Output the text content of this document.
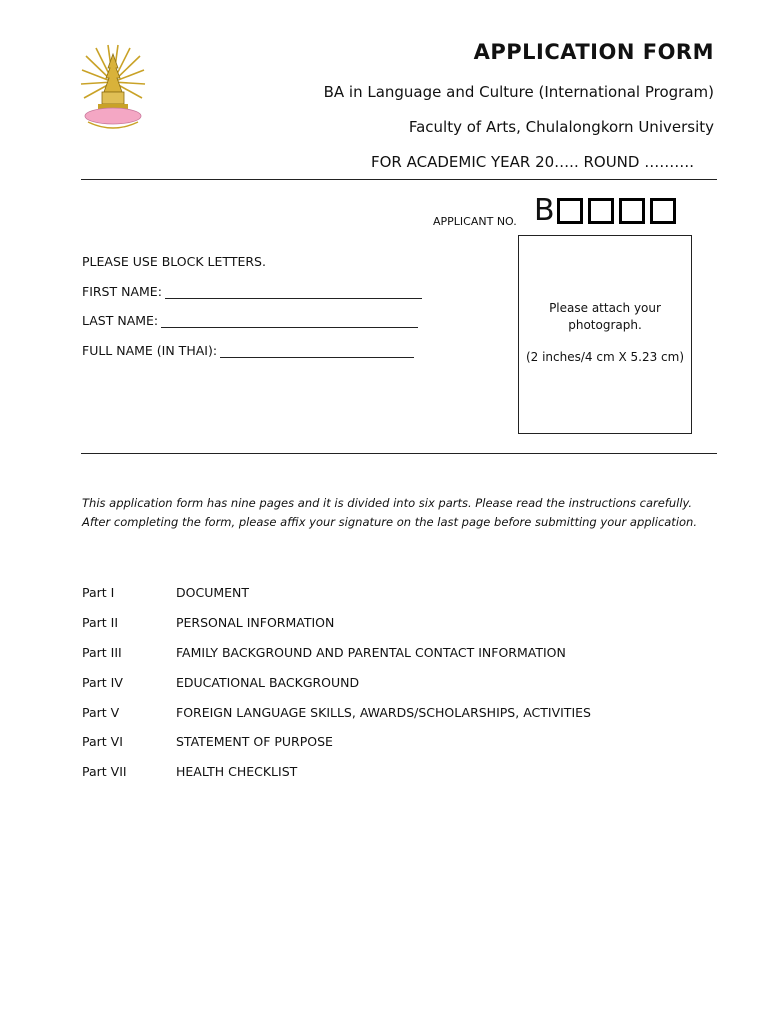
APPLICATION FORM
BA in Language and Culture (International Program)
Faculty of Arts, Chulalongkorn University
FOR ACADEMIC YEAR 20….. ROUND ……….
APPLICANT NO. B
PLEASE USE BLOCK LETTERS.
FIRST NAME:
LAST NAME:
FULL NAME (IN THAI):
Please attach your photograph.
(2 inches/4 cm X 5.23 cm)
This application form has nine pages and it is divided into six parts. Please read the instructions carefully. After completing the form, please affix your signature on the last page before submitting your application.
Part I	DOCUMENT
Part II	PERSONAL INFORMATION
Part III	FAMILY BACKGROUND AND PARENTAL CONTACT INFORMATION
Part IV	EDUCATIONAL BACKGROUND
Part V	FOREIGN LANGUAGE SKILLS, AWARDS/SCHOLARSHIPS, ACTIVITIES
Part VI	STATEMENT OF PURPOSE
Part VII	HEALTH CHECKLIST
